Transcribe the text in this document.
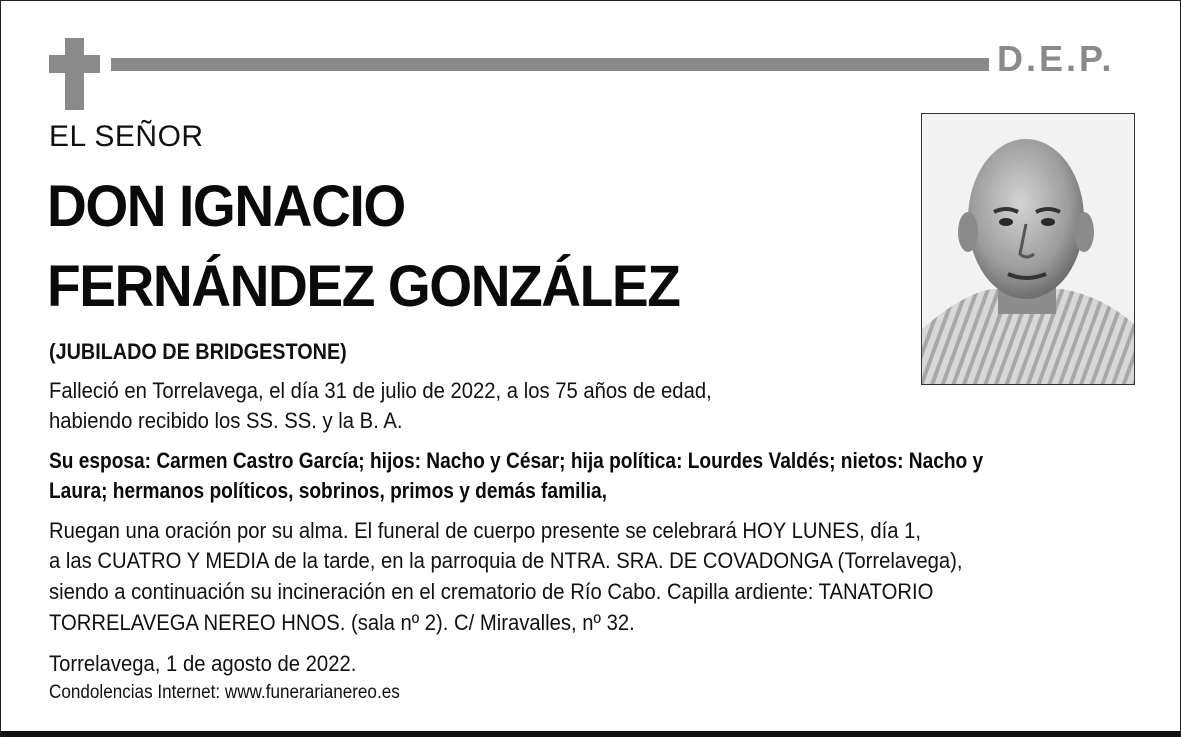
D.E.P.
EL SEÑOR
DON IGNACIO
FERNÁNDEZ GONZÁLEZ
(JUBILADO DE BRIDGESTONE)
Falleció en Torrelavega, el día 31 de julio de 2022, a los 75 años de edad,
habiendo recibido los SS. SS. y la B. A.
Su esposa: Carmen Castro García; hijos: Nacho y César; hija política: Lourdes Valdés; nietos: Nacho y
Laura; hermanos políticos, sobrinos, primos y demás familia,
Ruegan una oración por su alma. El funeral de cuerpo presente se celebrará HOY LUNES, día 1,
a las CUATRO Y MEDIA de la tarde, en la parroquia de NTRA. SRA. DE COVADONGA (Torrelavega),
siendo a continuación su incineración en el crematorio de Río Cabo. Capilla ardiente: TANATORIO
TORRELAVEGA NEREO HNOS. (sala nº 2). C/ Miravalles, nº 32.
Torrelavega, 1 de agosto de 2022.
Condolencias Internet: www.funerarianereo.es
